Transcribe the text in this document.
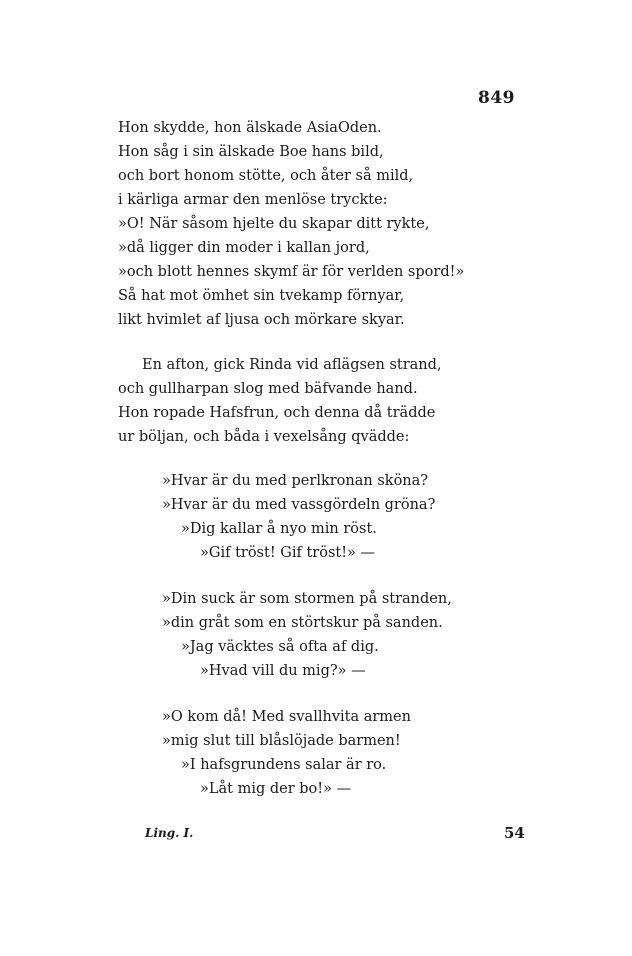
849
Hon skydde, hon älskade AsiaOden.
Hon såg i sin älskade Boe hans bild,
och bort honom stötte, och åter så mild,
i kärliga armar den menlöse tryckte:
»O! När såsom hjelte du skapar ditt rykte,
»då ligger din moder i kallan jord,
»och blott hennes skymf är för verlden spord!»
Så hat mot ömhet sin tvekamp förnyar,
likt hvimlet af ljusa och mörkare skyar.
En afton, gick Rinda vid aflägsen strand,
och gullharpan slog med bäfvande hand.
Hon ropade Hafsfrun, och denna då trädde
ur böljan, och båda i vexelsång qvädde:
»Hvar är du med perlkronan sköna?
»Hvar är du med vassgördeln gröna?
»Dig kallar å nyo min röst.
»Gif tröst! Gif tröst!» —
»Din suck är som stormen på stranden,
»din gråt som en störtskur på sanden.
»Jag väcktes så ofta af dig.
»Hvad vill du mig?» —
»O kom då! Med svallhvita armen
»mig slut till blåslöjade barmen!
»I hafsgrundens salar är ro.
»Låt mig der bo!» —
Ling. I.	54
